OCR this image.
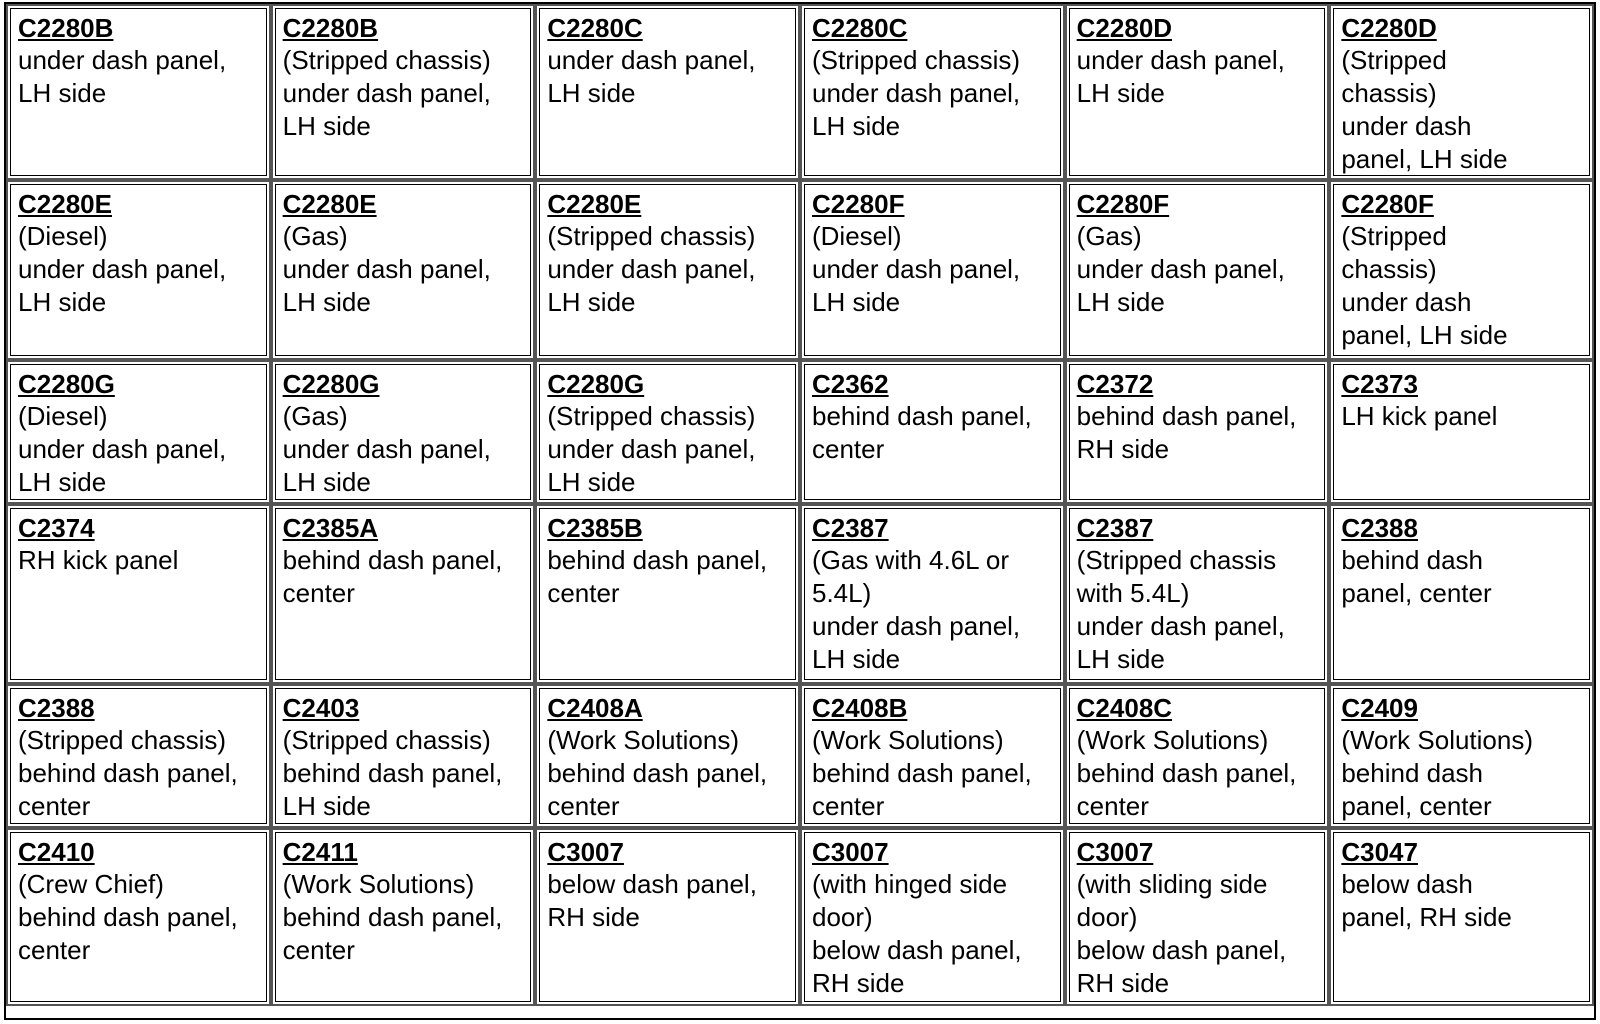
C2280B
under dash panel,
LH side
C2280B
(Stripped chassis)
under dash panel,
LH side
C2280C
under dash panel,
LH side
C2280C
(Stripped chassis)
under dash panel,
LH side
C2280D
under dash panel,
LH side
C2280D
(Stripped
chassis)
under dash
panel, LH side
C2280E
(Diesel)
under dash panel,
LH side
C2280E
(Gas)
under dash panel,
LH side
C2280E
(Stripped chassis)
under dash panel,
LH side
C2280F
(Diesel)
under dash panel,
LH side
C2280F
(Gas)
under dash panel,
LH side
C2280F
(Stripped
chassis)
under dash
panel, LH side
C2280G
(Diesel)
under dash panel,
LH side
C2280G
(Gas)
under dash panel,
LH side
C2280G
(Stripped chassis)
under dash panel,
LH side
C2362
behind dash panel,
center
C2372
behind dash panel,
RH side
C2373
LH kick panel
C2374
RH kick panel
C2385A
behind dash panel,
center
C2385B
behind dash panel,
center
C2387
(Gas with 4.6L or
5.4L)
under dash panel,
LH side
C2387
(Stripped chassis
with 5.4L)
under dash panel,
LH side
C2388
behind dash
panel, center
C2388
(Stripped chassis)
behind dash panel,
center
C2403
(Stripped chassis)
behind dash panel,
LH side
C2408A
(Work Solutions)
behind dash panel,
center
C2408B
(Work Solutions)
behind dash panel,
center
C2408C
(Work Solutions)
behind dash panel,
center
C2409
(Work Solutions)
behind dash
panel, center
C2410
(Crew Chief)
behind dash panel,
center
C2411
(Work Solutions)
behind dash panel,
center
C3007
below dash panel,
RH side
C3007
(with hinged side
door)
below dash panel,
RH side
C3007
(with sliding side
door)
below dash panel,
RH side
C3047
below dash
panel, RH side
